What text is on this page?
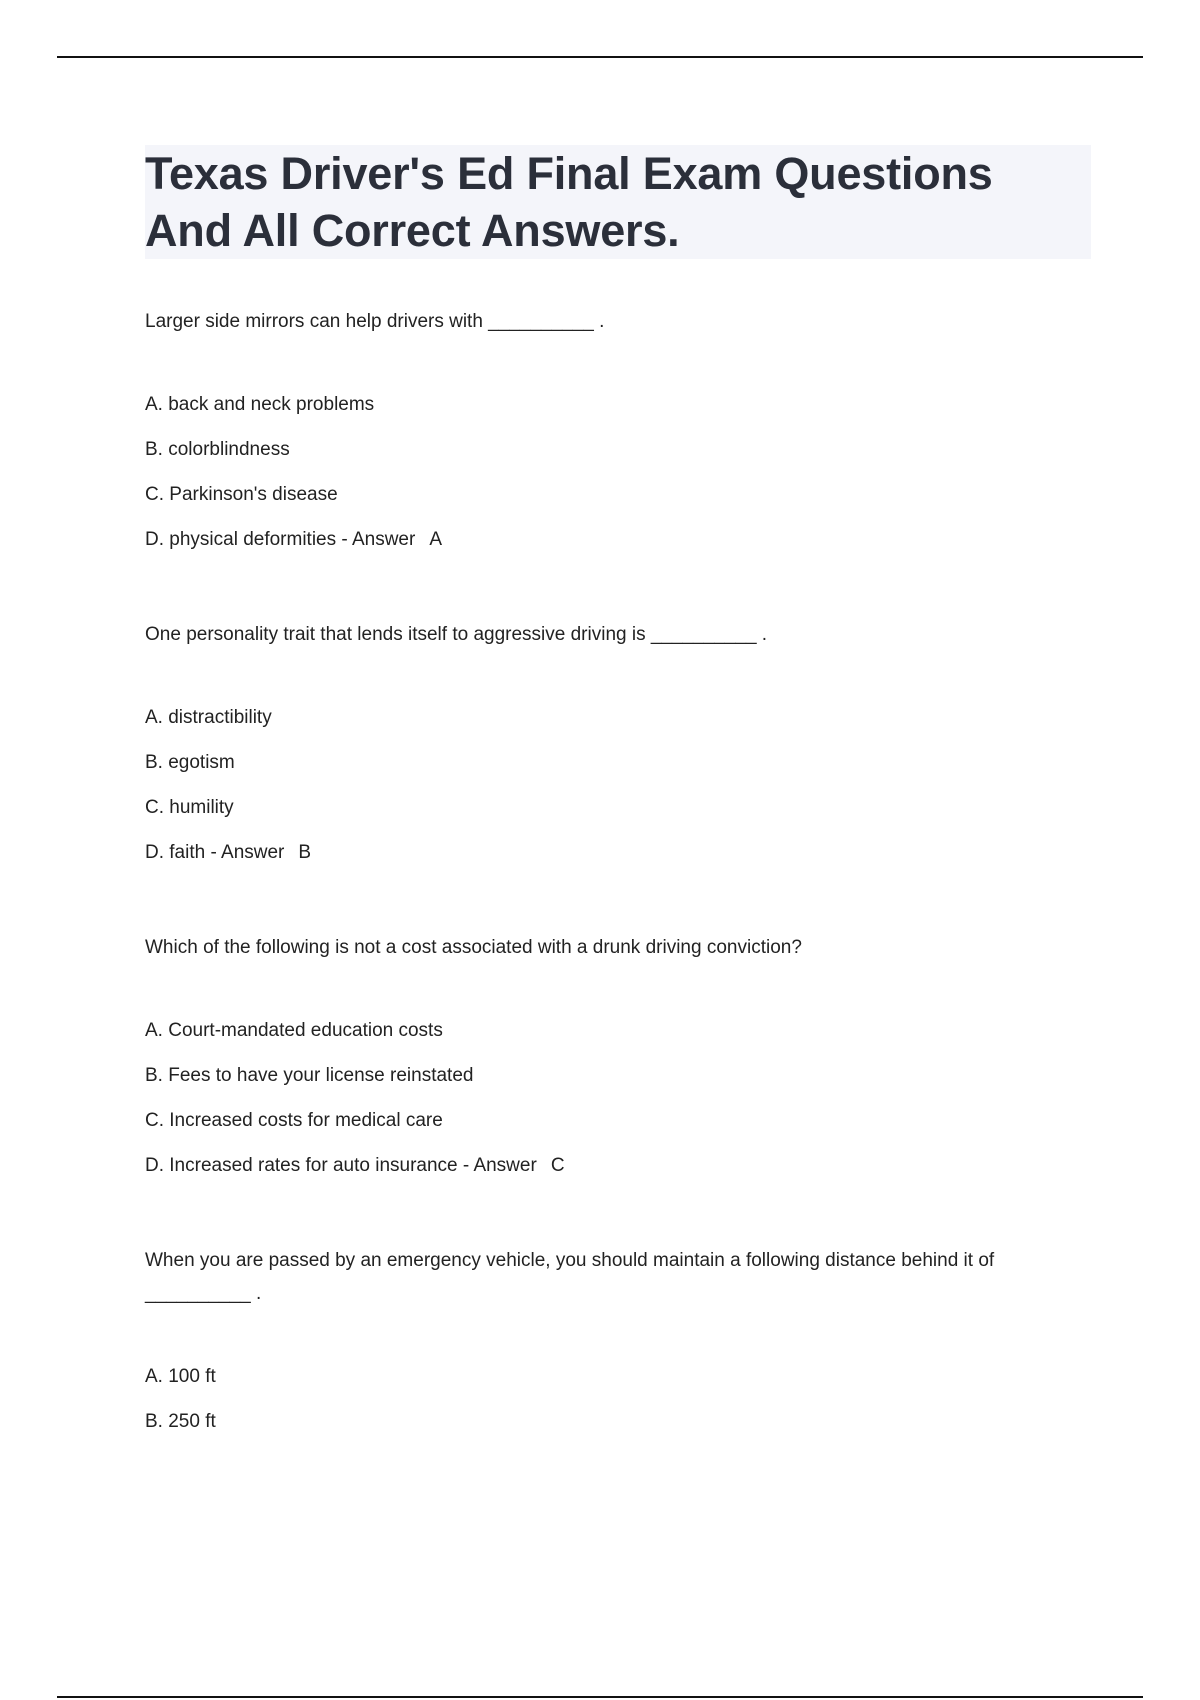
Texas Driver's Ed Final Exam Questions
And All Correct Answers.
Larger side mirrors can help drivers with __________ .
A. back and neck problems
B. colorblindness
C. Parkinson's disease
D. physical deformities - Answer A
One personality trait that lends itself to aggressive driving is __________ .
A. distractibility
B. egotism
C. humility
D. faith - Answer B
Which of the following is not a cost associated with a drunk driving conviction?
A. Court-mandated education costs
B. Fees to have your license reinstated
C. Increased costs for medical care
D. Increased rates for auto insurance - Answer C
When you are passed by an emergency vehicle, you should maintain a following distance behind it of
__________ .
A. 100 ft
B. 250 ft
